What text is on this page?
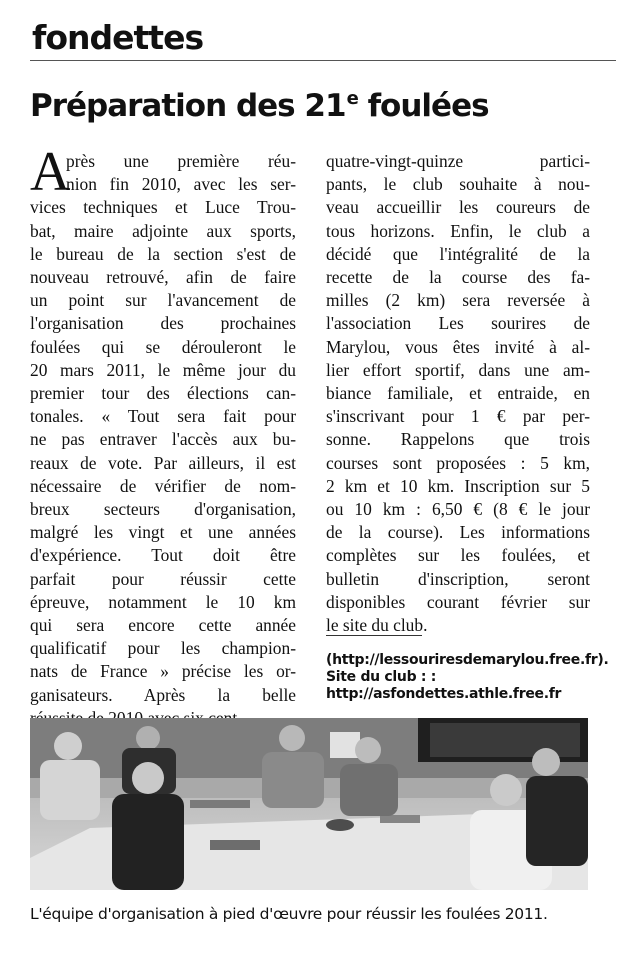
fondettes
Préparation des 21e foulées
A
près une première réu-
nion fin 2010, avec les ser-
vices techniques et Luce Trou-
bat, maire adjointe aux sports,
le bureau de la section s'est de
nouveau retrouvé, afin de faire
un point sur l'avancement de
l'organisation des prochaines
foulées qui se dérouleront le
20 mars 2011, le même jour du
premier tour des élections can-
tonales. « Tout sera fait pour
ne pas entraver l'accès aux bu-
reaux de vote. Par ailleurs, il est
nécessaire de vérifier de nom-
breux secteurs d'organisation,
malgré les vingt et une années
d'expérience. Tout doit être
parfait pour réussir cette
épreuve, notamment le 10 km
qui sera encore cette année
qualificatif pour les champion-
nats de France » précise les or-
ganisateurs. Après la belle
quatre-vingt-quinze partici-
pants, le club souhaite à nou-
veau accueillir les coureurs de
tous horizons. Enfin, le club a
décidé que l'intégralité de la
recette de la course des fa-
milles (2 km) sera reversée à
l'association Les sourires de
Marylou, vous êtes invité à al-
lier effort sportif, dans une am-
biance familiale, et entraide, en
s'inscrivant pour 1 € par per-
sonne. Rappelons que trois
courses sont proposées : 5 km,
2 km et 10 km. Inscription sur 5
ou 10 km : 6,50 € (8 € le jour
de la course). Les informations
complètes sur les foulées, et
bulletin d'inscription, seront
disponibles courant février sur
le site du club.
(http://lessouriresdemarylou.free.fr).
Site du club : :
http://asfondettes.athle.free.fr
L'équipe d'organisation à pied d'œuvre pour réussir les foulées 2011.
